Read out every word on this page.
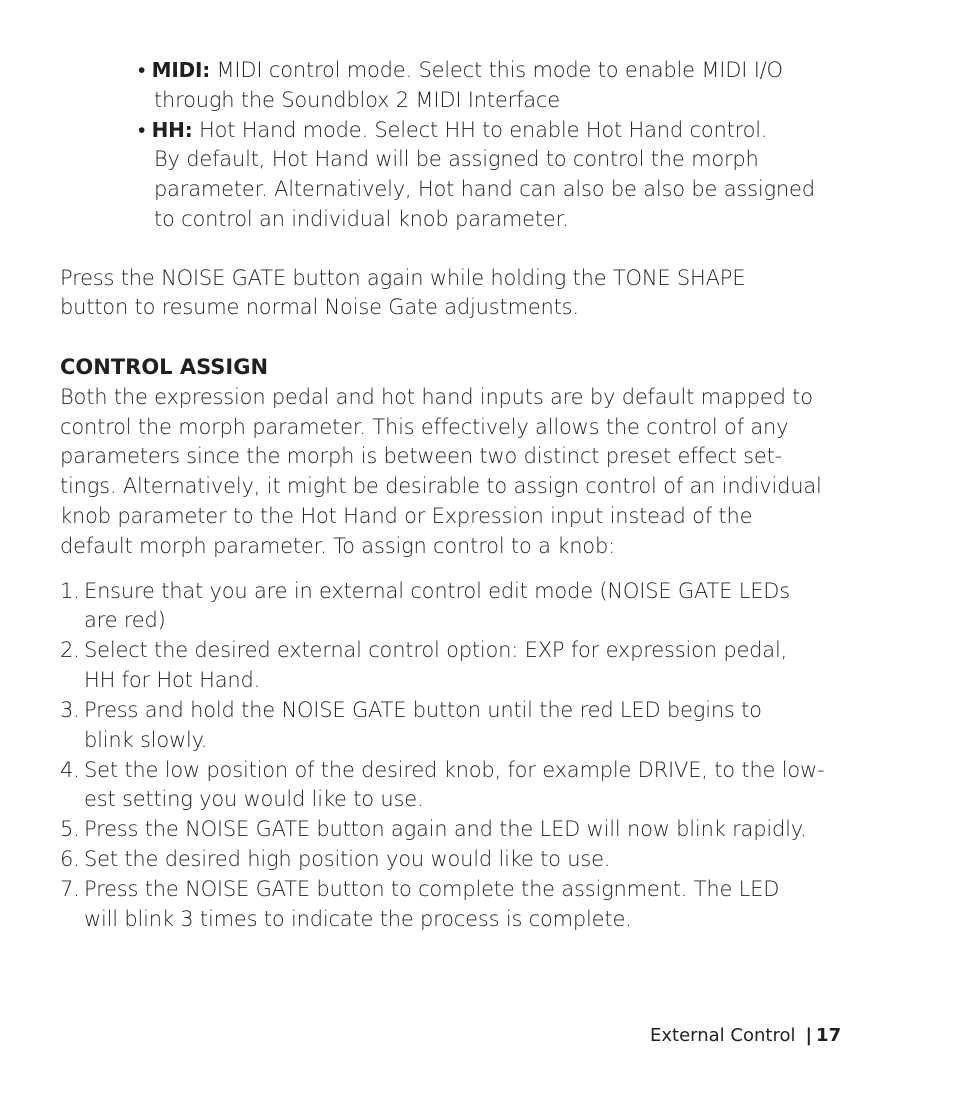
• MIDI: MIDI control mode. Select this mode to enable MIDI I/O
through the Soundblox 2 MIDI Interface
• HH: Hot Hand mode. Select HH to enable Hot Hand control.
By default, Hot Hand will be assigned to control the morph
parameter. Alternatively, Hot hand can also be also be assigned
to control an individual knob parameter.
Press the NOISE GATE button again while holding the TONE SHAPE
button to resume normal Noise Gate adjustments.
CONTROL ASSIGN
Both the expression pedal and hot hand inputs are by default mapped to
control the morph parameter. This effectively allows the control of any
parameters since the morph is between two distinct preset effect set-
tings. Alternatively, it might be desirable to assign control of an individual
knob parameter to the Hot Hand or Expression input instead of the
default morph parameter. To assign control to a knob:
1. Ensure that you are in external control edit mode (NOISE GATE LEDs
are red)
2. Select the desired external control option: EXP for expression pedal,
HH for Hot Hand.
3. Press and hold the NOISE GATE button until the red LED begins to
blink slowly.
4. Set the low position of the desired knob, for example DRIVE, to the low-
est setting you would like to use.
5. Press the NOISE GATE button again and the LED will now blink rapidly.
6. Set the desired high position you would like to use.
7. Press the NOISE GATE button to complete the assignment. The LED
will blink 3 times to indicate the process is complete.
External Control | 17
